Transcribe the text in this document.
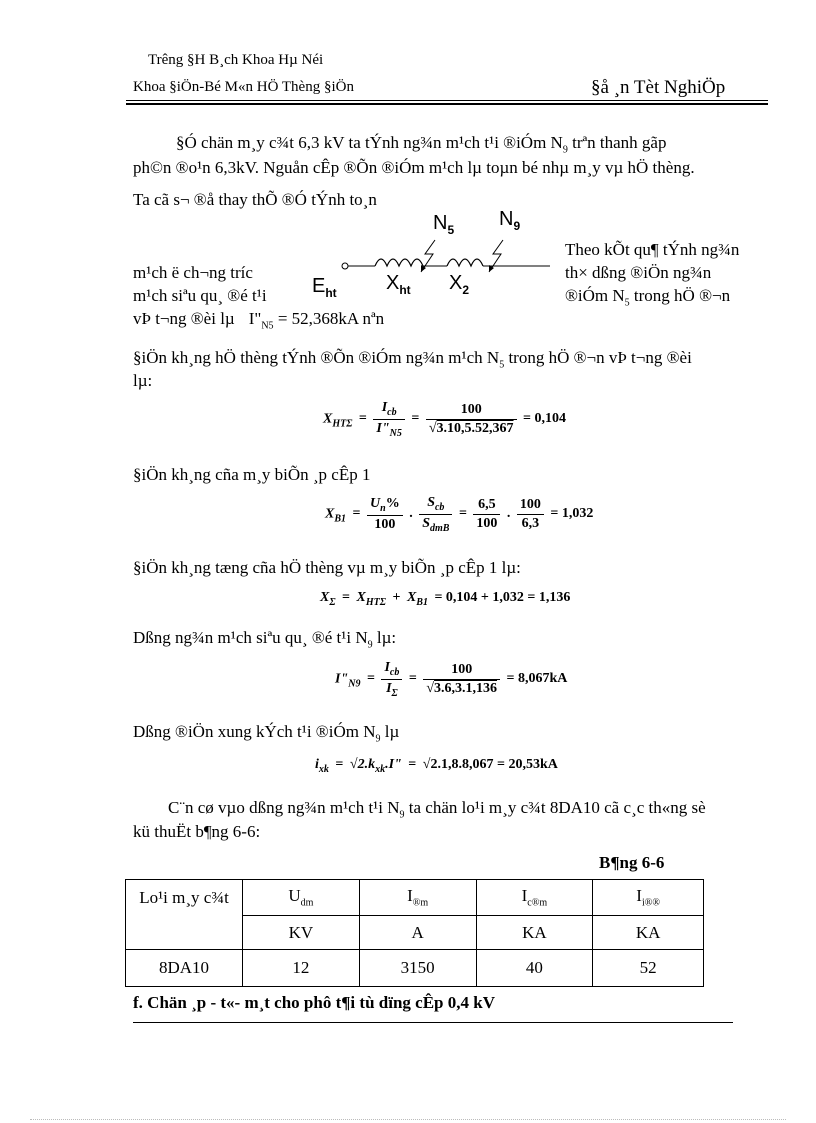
Trêng §H B¸ch Khoa Hµ Néi
Khoa §iÖn-Bé M«n HÖ Thèng §iÖn	§å ¸n Tèt NghiÖp
§Ó chän m¸y c¾t 6,3 kV ta tÝnh ng¾n m¹ch t¹i ®iÓm $N_9$ trªn thanh gãp
ph©n ®o¹n 6,3kV. Nguån cÊp ®Õn ®iÓm m¹ch lµ toµn bé nhµ m¸y vµ hÖ thèng.
Ta cã s¬ ®å thay thÕ ®Ó tÝnh to¸n
$N_5$ $N_9$
$E_{ht}$ $X_{ht}$ $X_2$
m¹ch ë ch¬ng tríc
m¹ch siªu qu¸ ®é t¹i
vÞ t¬ng ®èi lµ $I"_{N5} = 52,368kA$ nªn
Theo kÕt qu¶ tÝnh ng¾n
th× dßng ®iÖn ng¾n
®iÓm $N_5$ trong hÖ ®¬n
§iÖn kh¸ng hÖ thèng tÝnh ®Õn ®iÓm ng¾n m¹ch $N_5$ trong hÖ ®¬n vÞ t¬ng ®èi
lµ:
$X_{HT\Sigma} = \frac{I_{cb}}{I"_{N5}} = \frac{100}{√3.10,5.52,367} = 0,104$
§iÖn kh¸ng cña m¸y biÕn ¸p cÊp 1
$X_{B1} = \frac{U_n\%}{100}$ . $\frac{S_{cb}}{S_{dmB}} = \frac{6,5}{100}$ . $\frac{100}{6,3} = 1,032$
§iÖn kh¸ng tæng cña hÖ thèng vµ m¸y biÕn ¸p cÊp 1 lµ:
$X_\Sigma = X_{HT\Sigma} + X_{B1} = 0,104 + 1,032 = 1,136$
Dßng ng¾n m¹ch siªu qu¸ ®é t¹i $N_9$ lµ:
$I"_{N9} = \frac{I_{cb}}{I_\Sigma} = \frac{100}{√3.6,3.1,136} = 8,067kA$
Dßng ®iÖn xung kÝch t¹i ®iÓm $N_9$ lµ
$i_{xk} = √2.k_{xk}.I$" = √2.1,8.8,067 = 20,53kA
C¨n cø vµo dßng ng¾n m¹ch t¹i $N_9$ ta chän lo¹i m¸y c¾t 8DA10 cã c¸c th«ng sè
kü thuËt b¶ng 6-6:
B¶ng 6-6
Lo¹i m¸y c¾t	$U_{dm}$	$I_{®m}$	$I_{c®m}$	$I_{i®®}$
	KV	A	KA	KA
8DA10	12	3150	40	52
f. Chän ¸p - t«- m¸t cho phô t¶i tù dïng cÊp 0,4 kV
